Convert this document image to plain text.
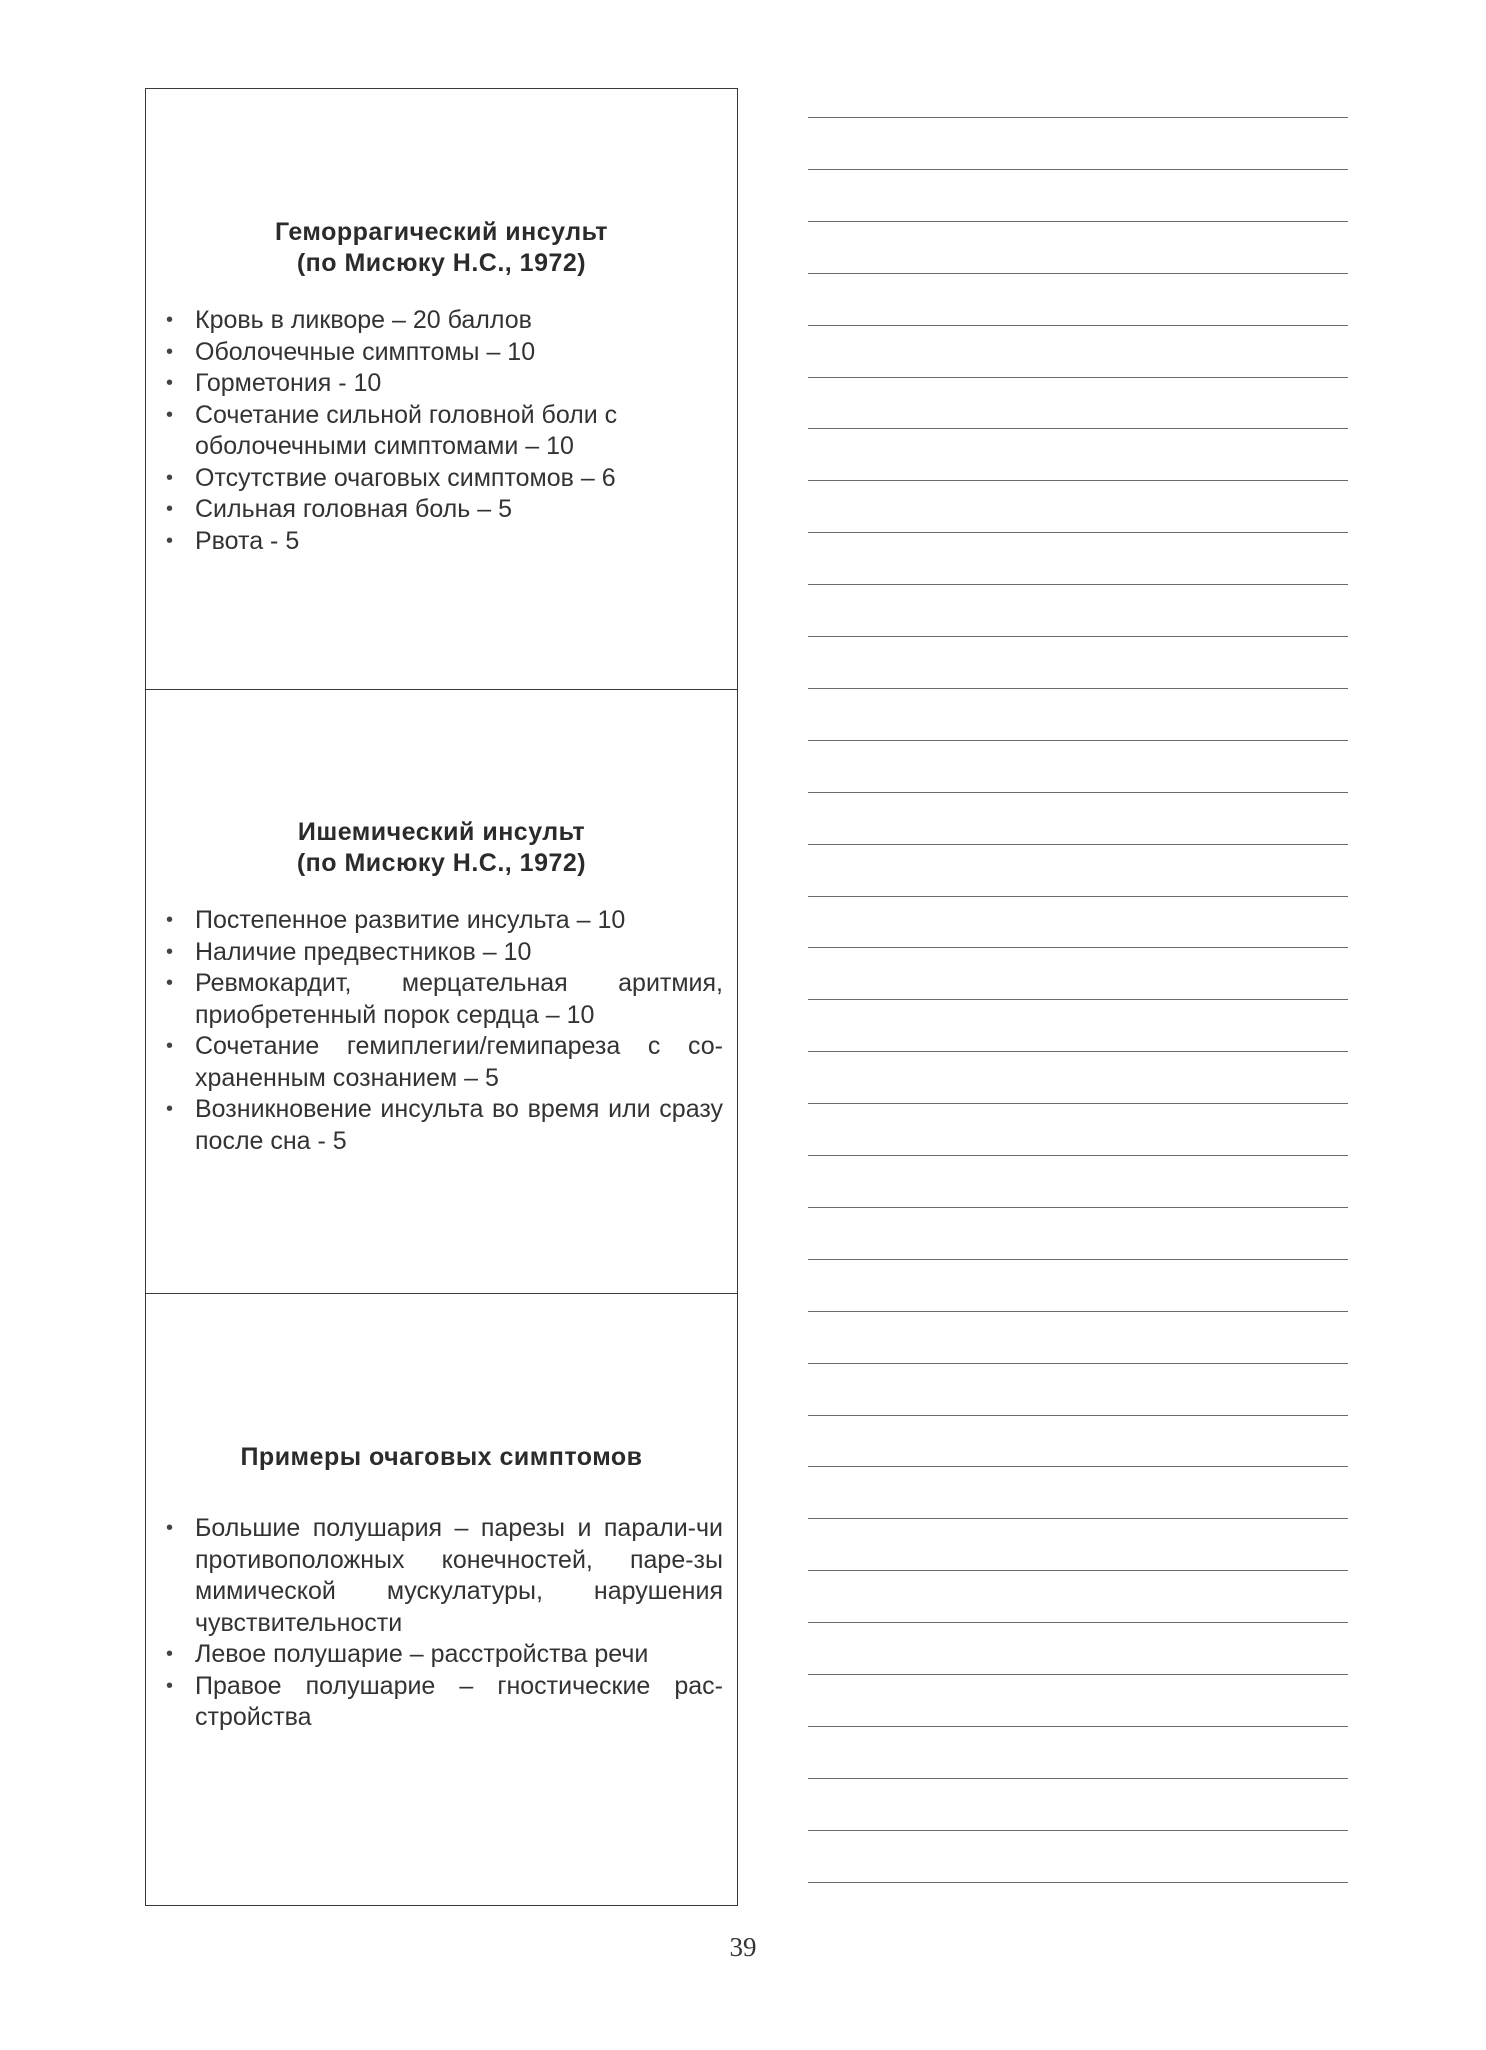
Геморрагический инсульт
(по Мисюку Н.С., 1972)
• Кровь в ликворе – 20 баллов
• Оболочечные симптомы – 10
• Горметония - 10
• Сочетание сильной головной боли с оболочечными симптомами – 10
• Отсутствие очаговых симптомов – 6
• Сильная головная боль – 5
• Рвота - 5
Ишемический инсульт
(по Мисюку Н.С., 1972)
• Постепенное развитие инсульта – 10
• Наличие предвестников – 10
• Ревмокардит, мерцательная аритмия, приобретенный порок сердца – 10
• Сочетание гемиплегии/гемипареза с со-храненным сознанием – 5
• Возникновение инсульта во время или сразу после сна - 5
Примеры очаговых симптомов
• Большие полушария – парезы и парали-чи противоположных конечностей, паре-зы мимической мускулатуры, нарушения чувствительности
• Левое полушарие – расстройства речи
• Правое полушарие – гностические рас-стройства
39
